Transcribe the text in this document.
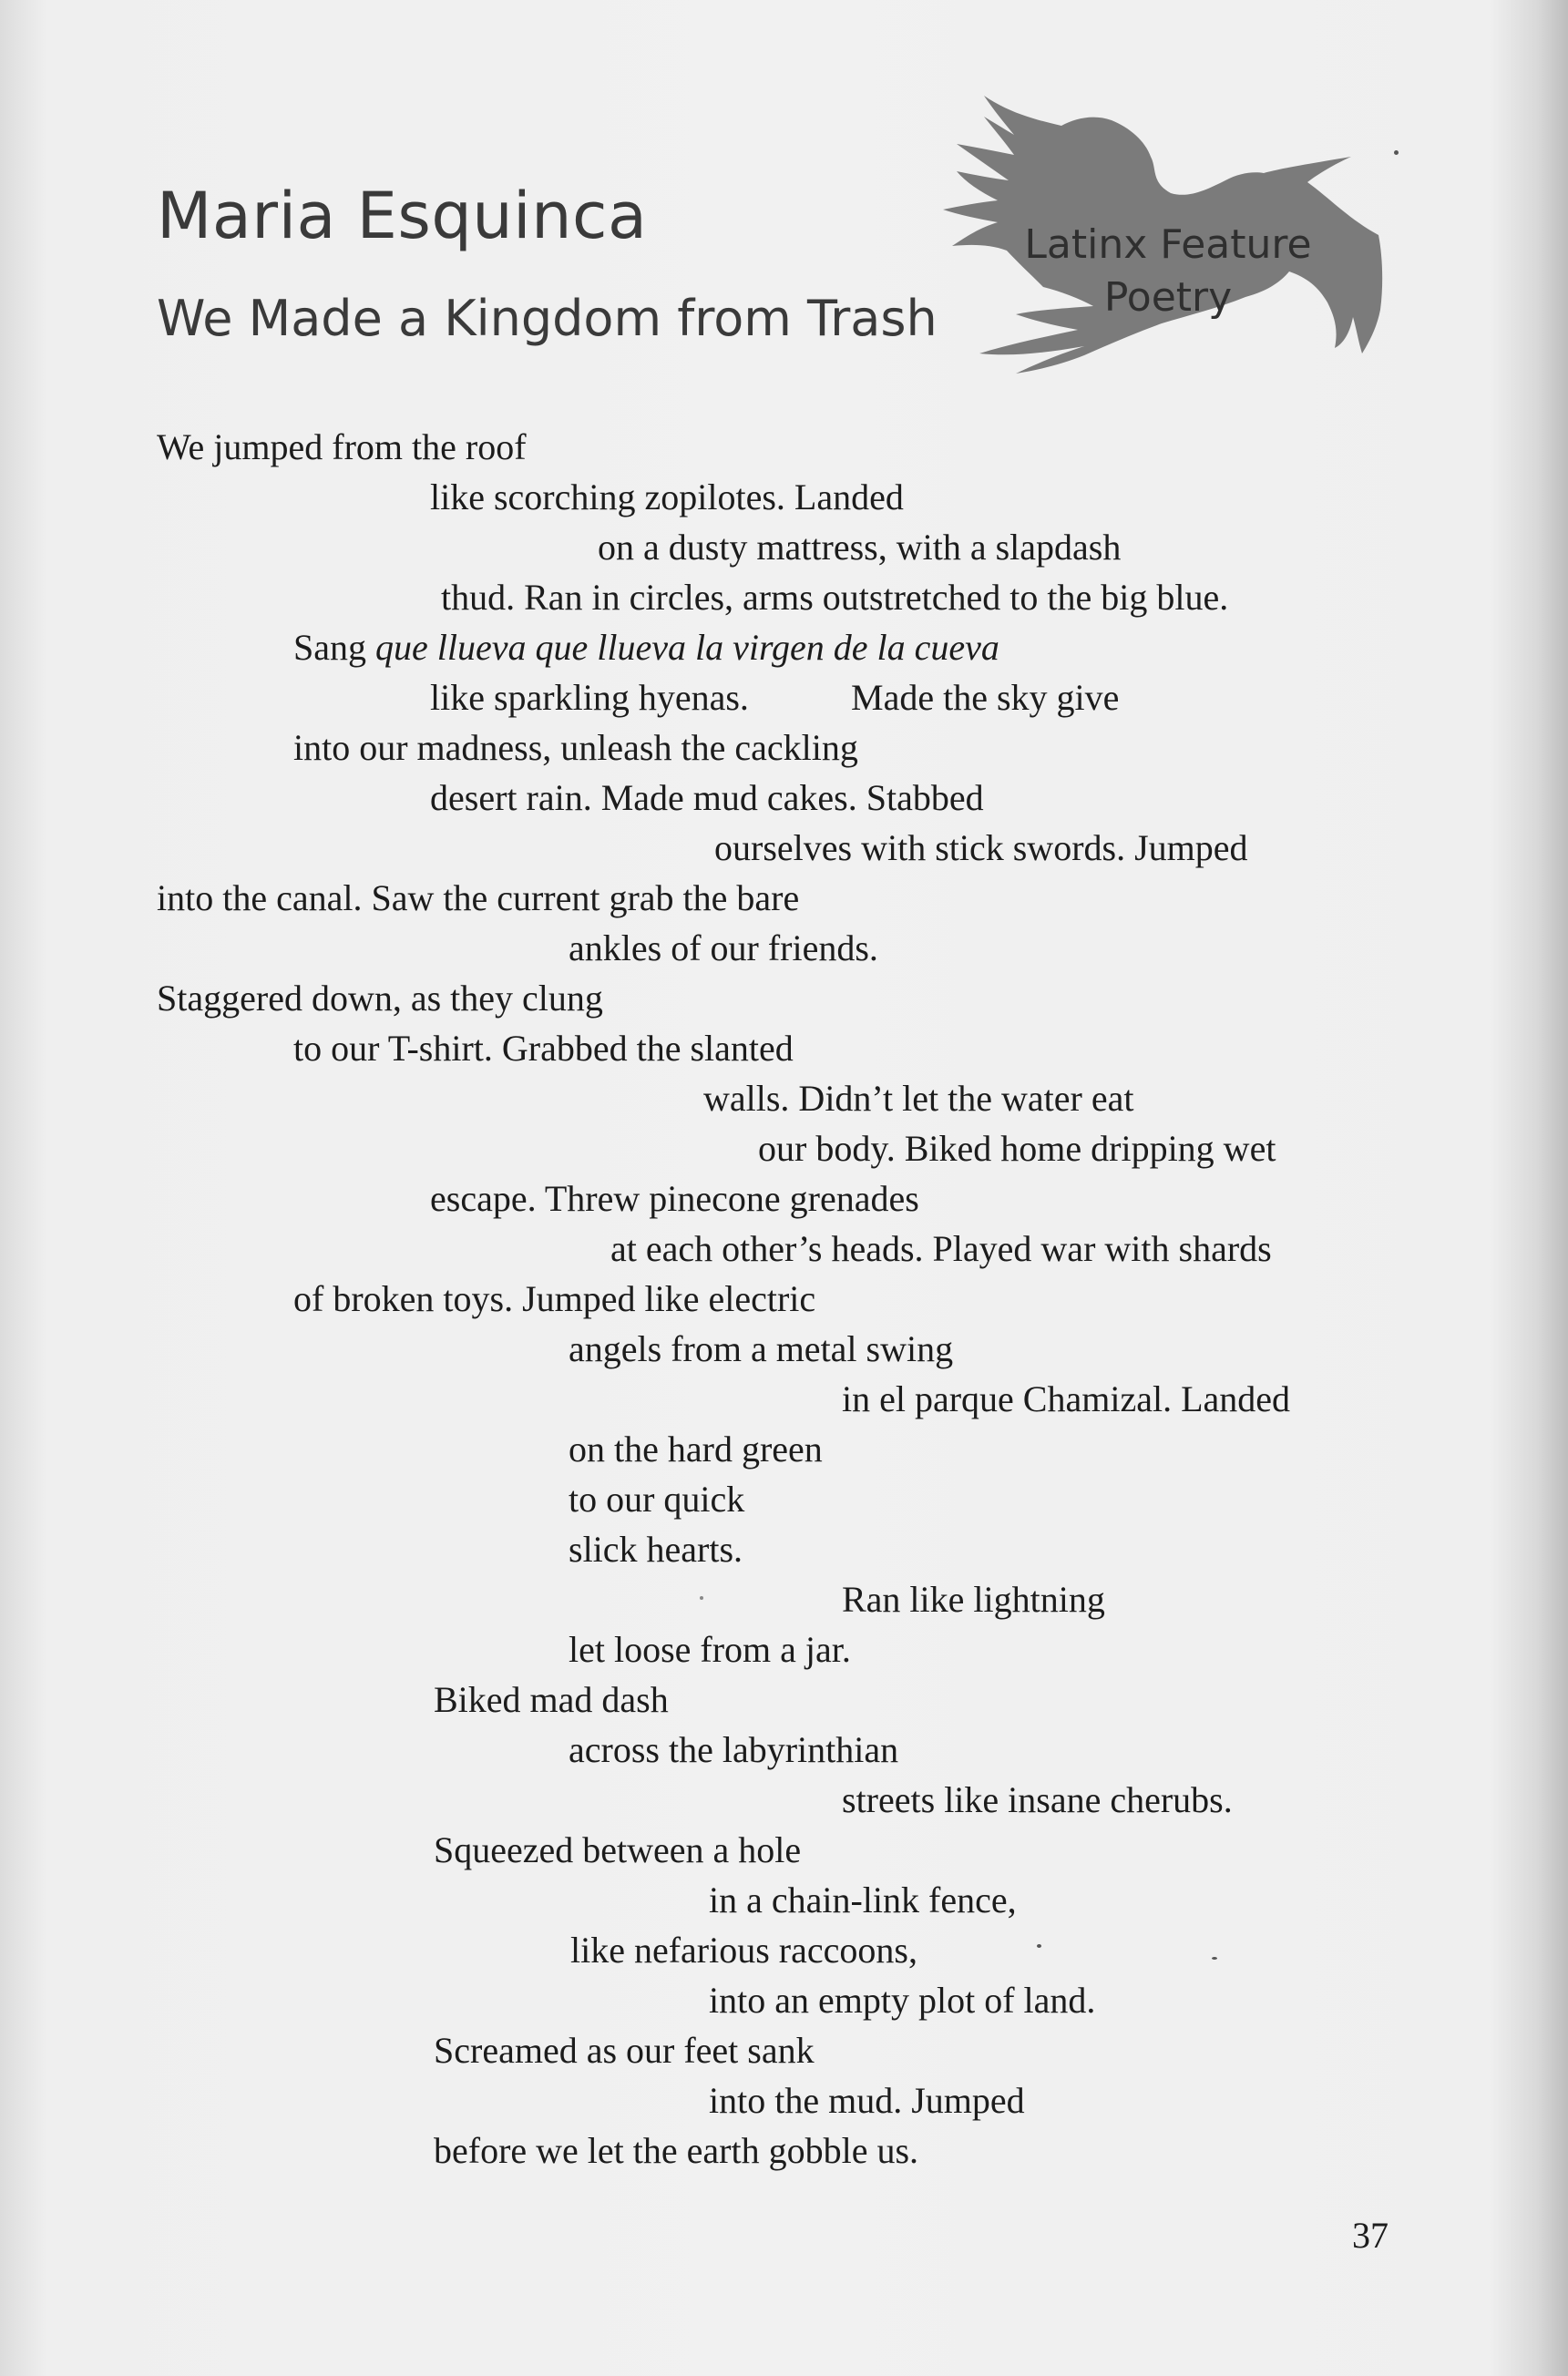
Maria Esquinca
We Made a Kingdom from Trash
Latinx Feature
Poetry
We jumped from the roof
like scorching zopilotes. Landed
on a dusty mattress, with a slapdash
thud. Ran in circles, arms outstretched to the big blue.
Sang que llueva que llueva la virgen de la cueva
like sparkling hyenas.	Made the sky give
into our madness, unleash the cackling
desert rain. Made mud cakes. Stabbed
ourselves with stick swords. Jumped
into the canal. Saw the current grab the bare
ankles of our friends.
Staggered down, as they clung
to our T-shirt. Grabbed the slanted
walls. Didn’t let the water eat
our body. Biked home dripping wet
escape. Threw pinecone grenades
at each other’s heads. Played war with shards
of broken toys. Jumped like electric
angels from a metal swing
in el parque Chamizal. Landed
on the hard green
to our quick
slick hearts.
Ran like lightning
let loose from a jar.
Biked mad dash
across the labyrinthian
streets like insane cherubs.
Squeezed between a hole
in a chain-link fence,
like nefarious raccoons,
into an empty plot of land.
Screamed as our feet sank
into the mud. Jumped
before we let the earth gobble us.
37
